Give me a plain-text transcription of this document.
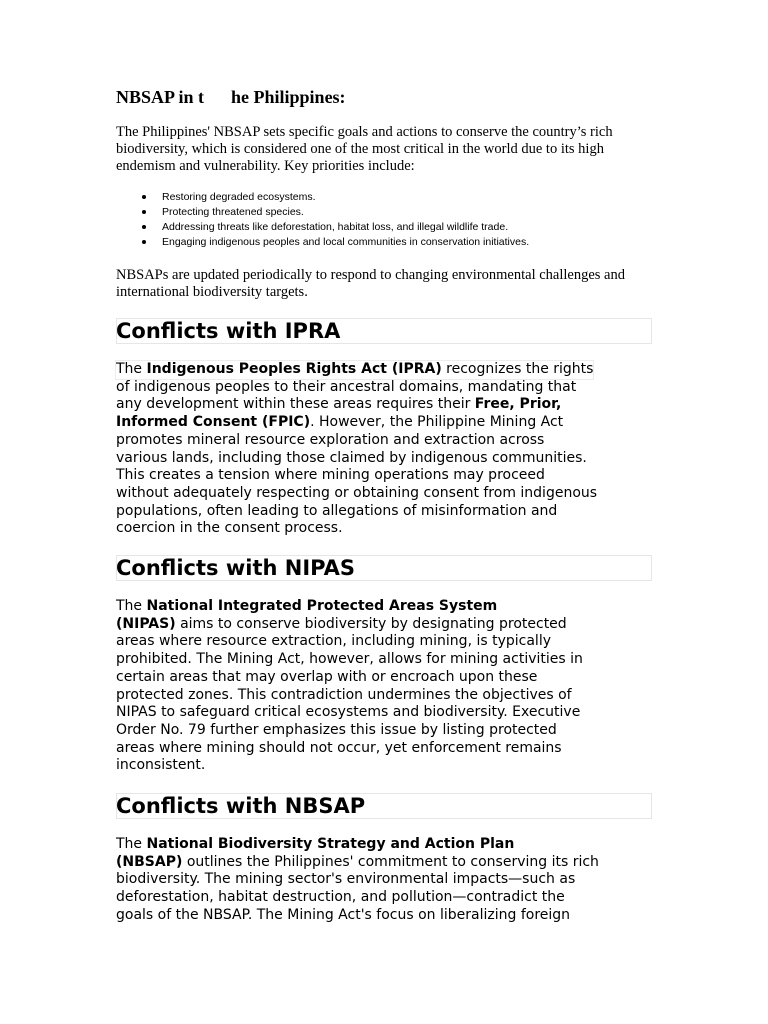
NBSAP in t      he Philippines:

The Philippines' NBSAP sets specific goals and actions to conserve the country’s rich biodiversity, which is considered one of the most critical in the world due to its high endemism and vulnerability. Key priorities include:

Restoring degraded ecosystems.
Protecting threatened species.
Addressing threats like deforestation, habitat loss, and illegal wildlife trade.
Engaging indigenous peoples and local communities in conservation initiatives.

NBSAPs are updated periodically to respond to changing environmental challenges and international biodiversity targets.

Conflicts with IPRA
The Indigenous Peoples Rights Act (IPRA) recognizes the rights
of indigenous peoples to their ancestral domains, mandating that
any development within these areas requires their Free, Prior,
Informed Consent (FPIC). However, the Philippine Mining Act
promotes mineral resource exploration and extraction across
various lands, including those claimed by indigenous communities.
This creates a tension where mining operations may proceed
without adequately respecting or obtaining consent from indigenous
populations, often leading to allegations of misinformation and
coercion in the consent process.
Conflicts with NIPAS
The National Integrated Protected Areas System
(NIPAS) aims to conserve biodiversity by designating protected
areas where resource extraction, including mining, is typically
prohibited. The Mining Act, however, allows for mining activities in
certain areas that may overlap with or encroach upon these
protected zones. This contradiction undermines the objectives of
NIPAS to safeguard critical ecosystems and biodiversity. Executive
Order No. 79 further emphasizes this issue by listing protected
areas where mining should not occur, yet enforcement remains
inconsistent.
Conflicts with NBSAP
The National Biodiversity Strategy and Action Plan
(NBSAP) outlines the Philippines' commitment to conserving its rich
biodiversity. The mining sector's environmental impacts—such as
deforestation, habitat destruction, and pollution—contradict the
goals of the NBSAP. The Mining Act's focus on liberalizing foreign
